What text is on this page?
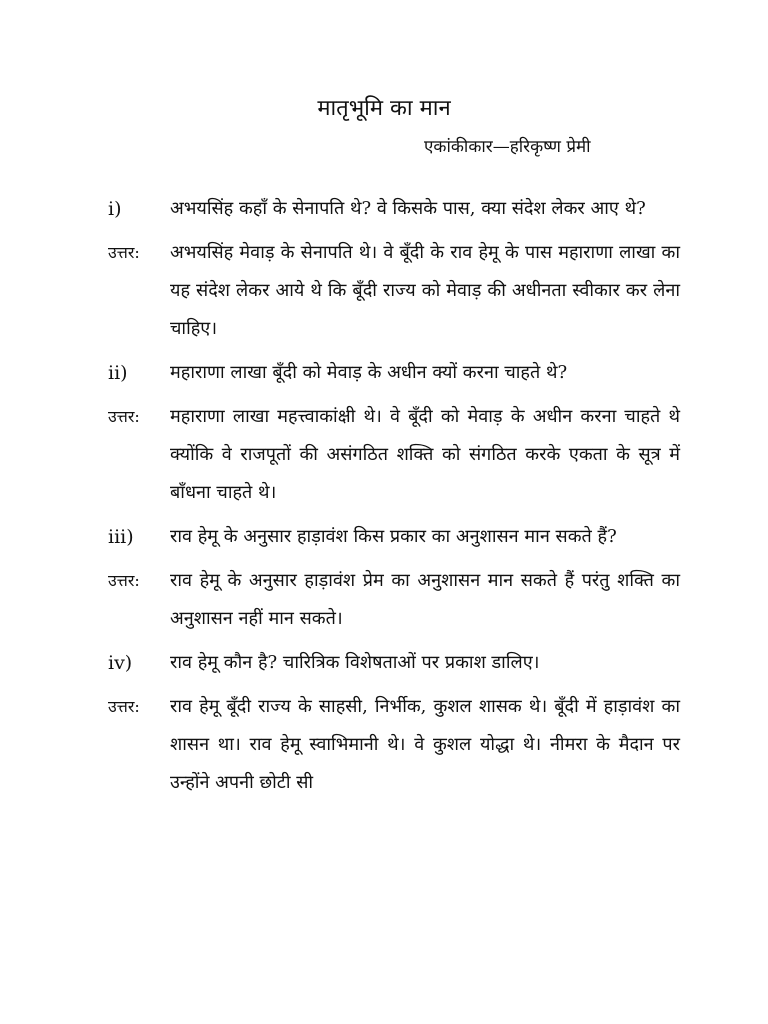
मातृभूमि का मान
एकांकीकार—हरिकृष्ण प्रेमी
i)	अभयसिंह कहाँ के सेनापति थे? वे किसके पास, क्या संदेश लेकर आए थे?
उत्तर:	अभयसिंह मेवाड़ के सेनापति थे। वे बूँदी के राव हेमू के पास महाराणा लाखा का यह संदेश लेकर आये थे कि बूँदी राज्य को मेवाड़ की अधीनता स्वीकार कर लेना चाहिए।
ii)	महाराणा लाखा बूँदी को मेवाड़ के अधीन क्यों करना चाहते थे?
उत्तर:	महाराणा लाखा महत्त्वाकांक्षी थे। वे बूँदी को मेवाड़ के अधीन करना चाहते थे क्योंकि वे राजपूतों की असंगठित शक्ति को संगठित करके एकता के सूत्र में बाँधना चाहते थे।
iii)	राव हेमू के अनुसार हाड़ावंश किस प्रकार का अनुशासन मान सकते हैं?
उत्तर:	राव हेमू के अनुसार हाड़ावंश प्रेम का अनुशासन मान सकते हैं परंतु शक्ति का अनुशासन नहीं मान सकते।
iv)	राव हेमू कौन है? चारित्रिक विशेषताओं पर प्रकाश डालिए।
उत्तर:	राव हेमू बूँदी राज्य के साहसी, निर्भीक, कुशल शासक थे। बूँदी में हाड़ावंश का शासन था। राव हेमू स्वाभिमानी थे। वे कुशल योद्धा थे। नीमरा के मैदान पर उन्होंने अपनी छोटी सी
